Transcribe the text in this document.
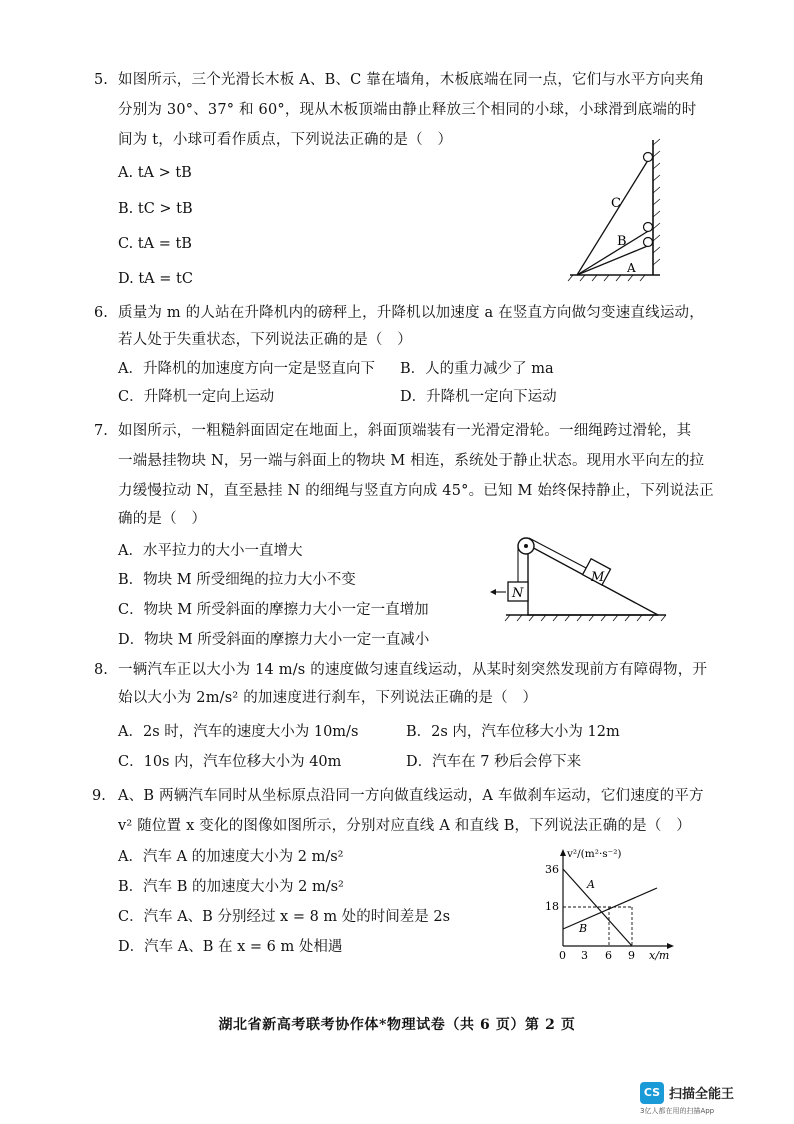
5. 如图所示，三个光滑长木板 A、B、C 靠在墙角，木板底端在同一点，它们与水平方向夹角
分别为 30°、37° 和 60°，现从木板顶端由静止释放三个相同的小球，小球滑到底端的时
间为 t，小球可看作质点，下列说法正确的是（　）
A. tA > tB
B. tC > tB
C. tA = tB
D. tA = tC
C
B
A
6. 质量为 m 的人站在升降机内的磅秤上，升降机以加速度 a 在竖直方向做匀变速直线运动，
若人处于失重状态，下列说法正确的是（　）
A．升降机的加速度方向一定是竖直向下 B．人的重力减少了 ma
C．升降机一定向上运动	D．升降机一定向下运动
7. 如图所示，一粗糙斜面固定在地面上，斜面顶端装有一光滑定滑轮。一细绳跨过滑轮，其
一端悬挂物块 N，另一端与斜面上的物块 M 相连，系统处于静止状态。现用水平向左的拉
力缓慢拉动 N，直至悬挂 N 的细绳与竖直方向成 45°。已知 M 始终保持静止，下列说法正
确的是（　）
A．水平拉力的大小一直增大
B．物块 M 所受细绳的拉力大小不变
C．物块 M 所受斜面的摩擦力大小一定一直增加
D．物块 M 所受斜面的摩擦力大小一定一直减小
M
N
8. 一辆汽车正以大小为 14 m/s 的速度做匀速直线运动，从某时刻突然发现前方有障碍物，开
始以大小为 2m/s² 的加速度进行刹车，下列说法正确的是（　）
A．2s 时，汽车的速度大小为 10m/s	B．2s 内，汽车位移大小为 12m
C．10s 内，汽车位移大小为 40m	D．汽车在 7 秒后会停下来
9. A、B 两辆汽车同时从坐标原点沿同一方向做直线运动，A 车做刹车运动，它们速度的平方
v² 随位置 x 变化的图像如图所示，分别对应直线 A 和直线 B，下列说法正确的是（　）
A．汽车 A 的加速度大小为 2 m/s²
B．汽车 B 的加速度大小为 2 m/s²
C．汽车 A、B 分别经过 x = 8 m 处的时间差是 2s
D．汽车 A、B 在 x = 6 m 处相遇
v²/(m²·s⁻²)
x/m
36
18
0 3 6 9
A
B
湖北省新高考联考协作体*物理试卷（共 6 页）第 2 页
CS 扫描全能王
3亿人都在用的扫描App
